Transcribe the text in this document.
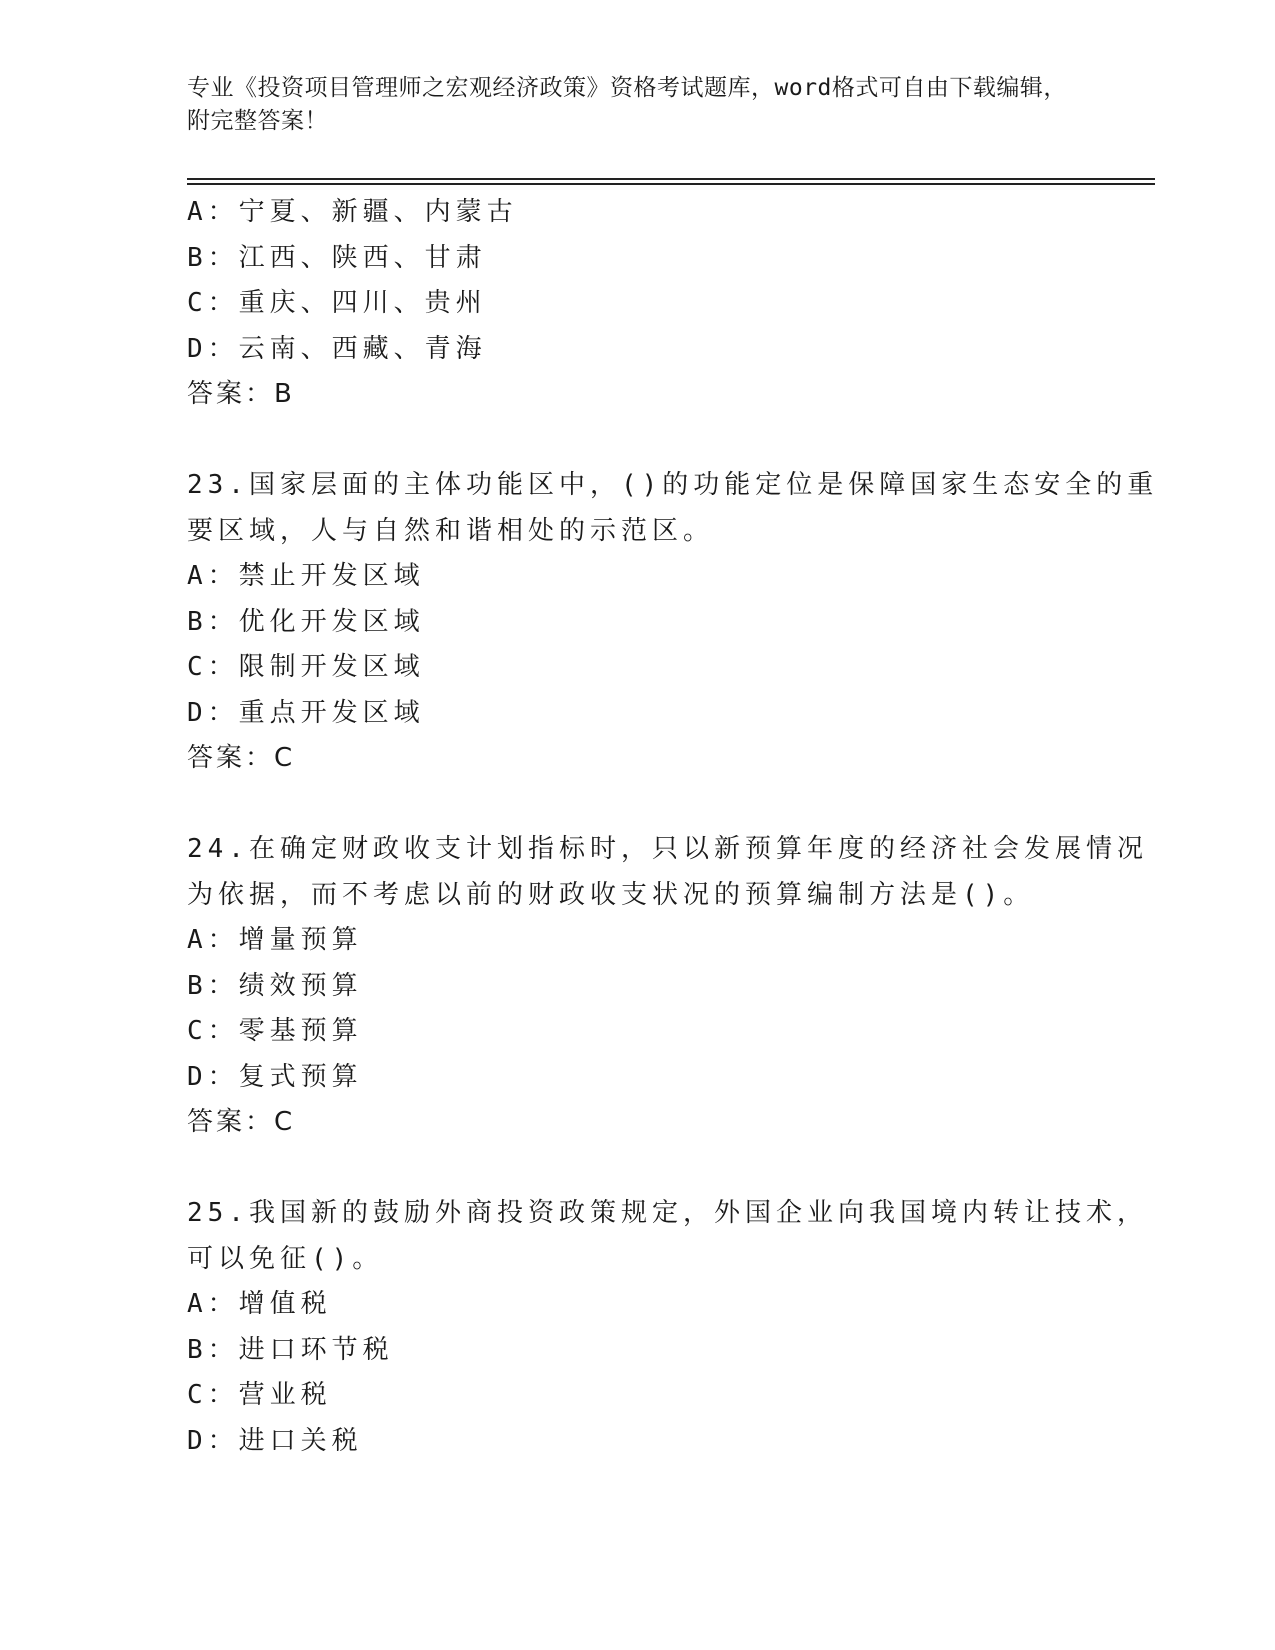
专业《投资项目管理师之宏观经济政策》资格考试题库，word格式可自由下载编辑，附完整答案！
A：宁夏、新疆、内蒙古
B：江西、陕西、甘肃
C：重庆、四川、贵州
D：云南、西藏、青海
答案：B
23.国家层面的主体功能区中，()的功能定位是保障国家生态安全的重
要区域，人与自然和谐相处的示范区。
A：禁止开发区域
B：优化开发区域
C：限制开发区域
D：重点开发区域
答案：C
24.在确定财政收支计划指标时，只以新预算年度的经济社会发展情况
为依据，而不考虑以前的财政收支状况的预算编制方法是()。
A：增量预算
B：绩效预算
C：零基预算
D：复式预算
答案：C
25.我国新的鼓励外商投资政策规定，外国企业向我国境内转让技术，
可以免征()。
A：增值税
B：进口环节税
C：营业税
D：进口关税
